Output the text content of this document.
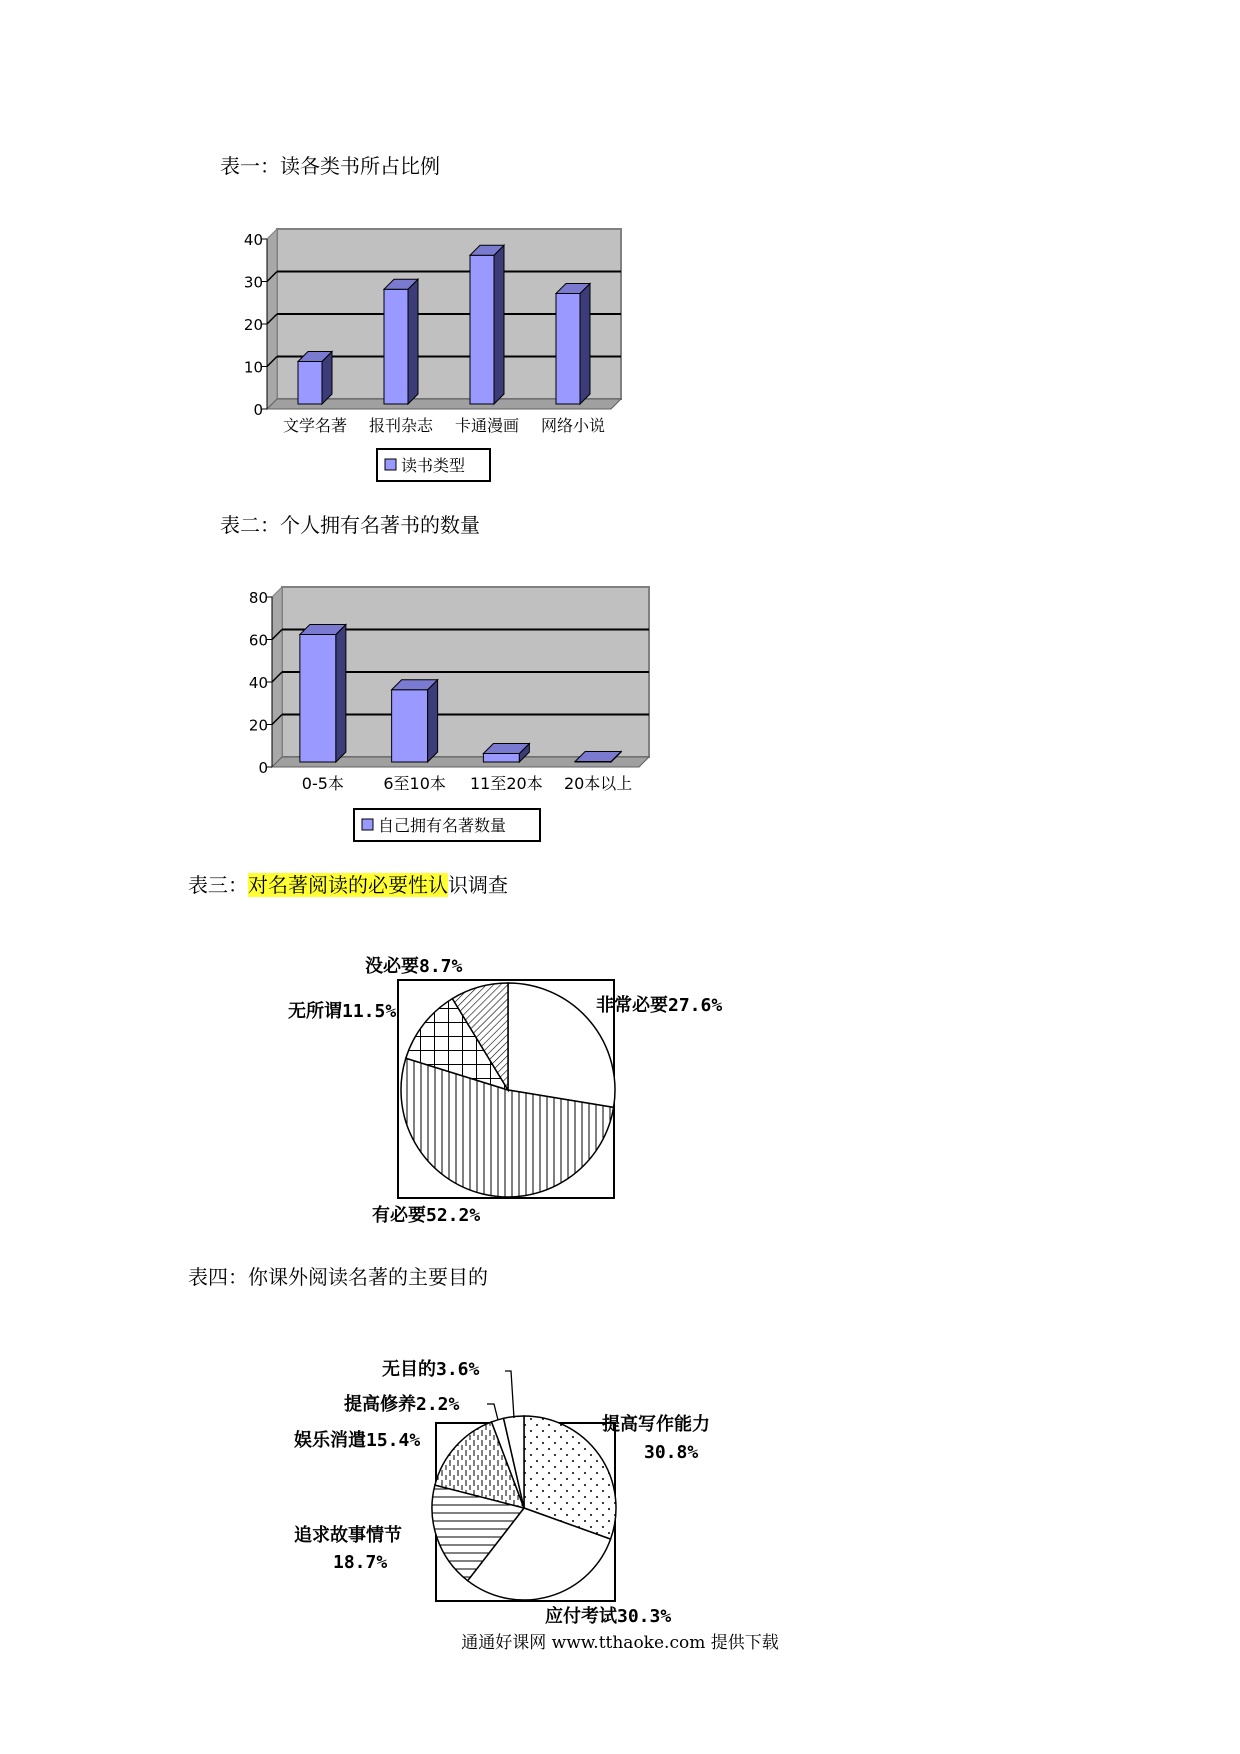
表一：读各类书所占比例
表二：个人拥有名著书的数量
表三：对名著阅读的必要性认识调查
表四：你课外阅读名著的主要目的
0
10
20
30
40
文学名著 报刊杂志 卡通漫画 网络小说
读书类型
0
20
40
60
80
0-5本 6至10本 11至20本 20本以上
自己拥有名著数量
非常必要27.6%
有必要52.2%
无所谓11.5%
没必要8.7%
提高写作能力
30.8%
应付考试30.3%
追求故事情节
18.7%
娱乐消遣15.4%
提高修养2.2%
无目的3.6%
通通好课网 www.tthaoke.com 提供下载
